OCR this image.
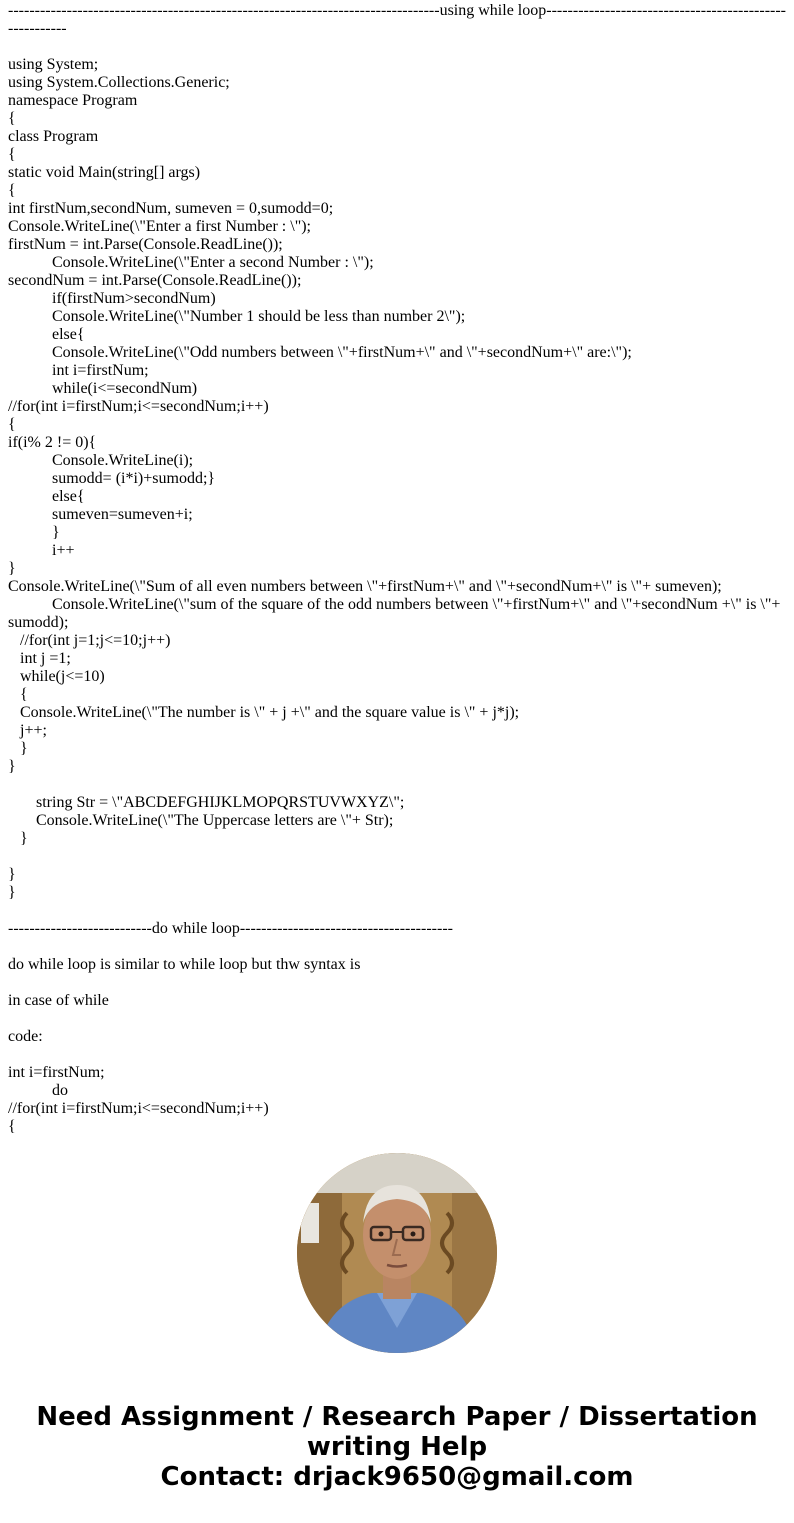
---------------------------------------------------------------------------------using while loop--------------------------------------------------------
using System;
using System.Collections.Generic;
namespace Program
{
class Program
{
static void Main(string[] args)
{
int firstNum,secondNum, sumeven = 0,sumodd=0;
Console.WriteLine(\"Enter a first Number : \");
firstNum = int.Parse(Console.ReadLine());
Console.WriteLine(\"Enter a second Number : \");
secondNum = int.Parse(Console.ReadLine());
if(firstNum>secondNum)
Console.WriteLine(\"Number 1 should be less than number 2\");
else{
Console.WriteLine(\"Odd numbers between \"+firstNum+\" and \"+secondNum+\" are:\");
int i=firstNum;
while(i<=secondNum)
//for(int i=firstNum;i<=secondNum;i++)
{
if(i% 2 != 0){
Console.WriteLine(i);
sumodd= (i*i)+sumodd;}
else{
sumeven=sumeven+i;
}
i++
}
Console.WriteLine(\"Sum of all even numbers between \"+firstNum+\" and \"+secondNum+\" is \"+ sumeven);
Console.WriteLine(\"sum of the square of the odd numbers between \"+firstNum+\" and \"+secondNum +\" is \"+ sumodd);
//for(int j=1;j<=10;j++)
int j =1;
while(j<=10)
{
Console.WriteLine(\"The number is \" + j +\" and the square value is \" + j*j);
j++;
}
}
string Str = \"ABCDEFGHIJKLMOPQRSTUVWXYZ\";
Console.WriteLine(\"The Uppercase letters are \"+ Str);
}
}
}
---------------------------do while loop----------------------------------------
do while loop is similar to while loop but thw syntax is
in case of while
code:
int i=firstNum;
do
//for(int i=firstNum;i<=secondNum;i++)
{
Need Assignment / Research Paper / Dissertation
writing Help
Contact: drjack9650@gmail.com
